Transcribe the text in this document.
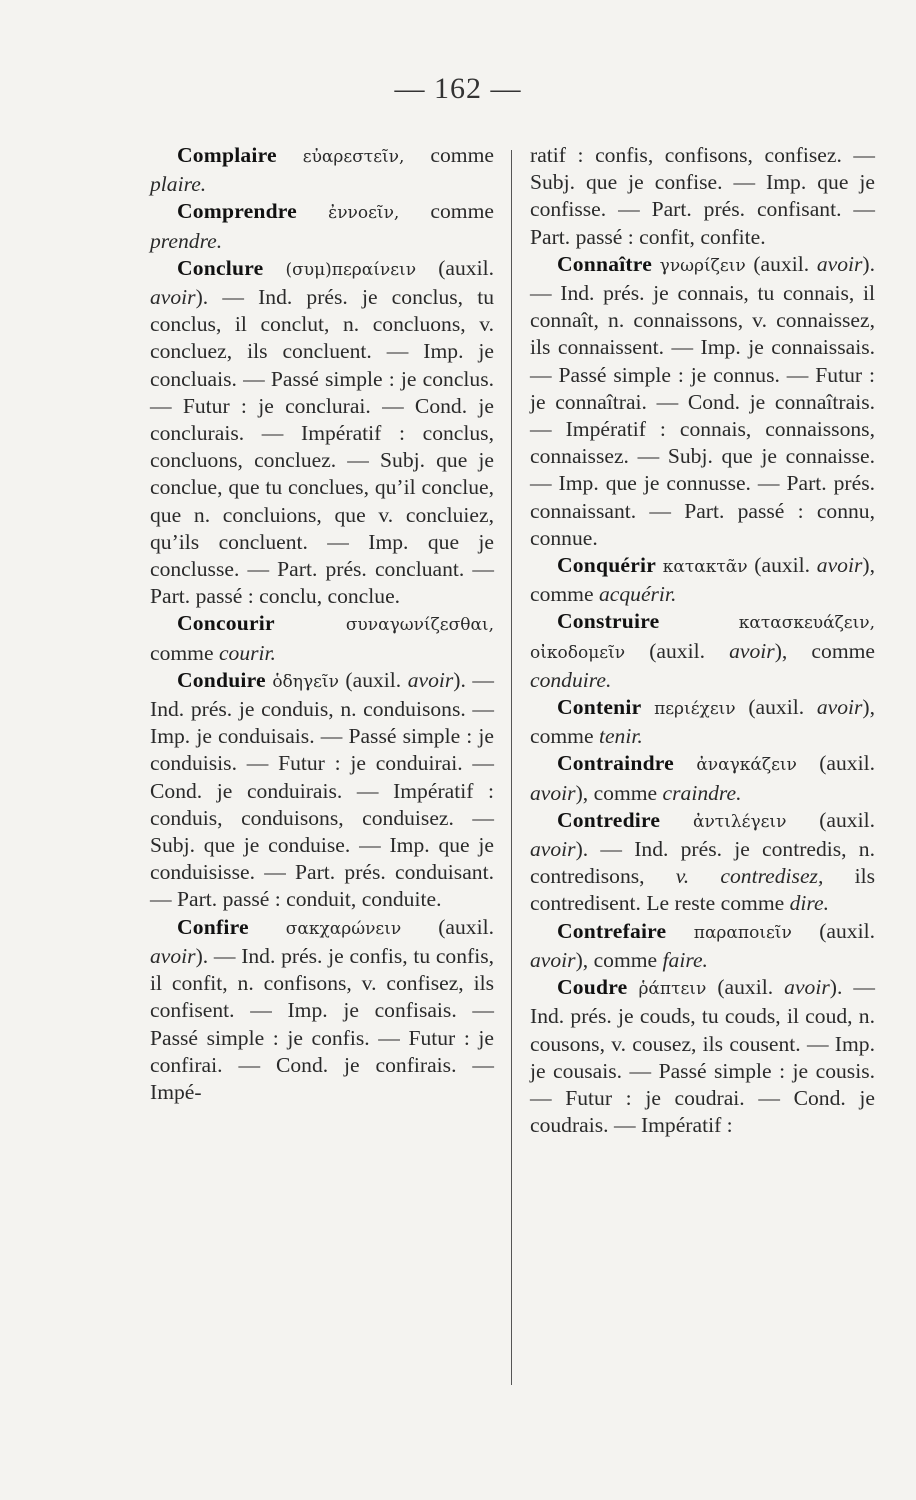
— 162 —

Complaire εὐαρεστεῖν, comme plaire.

Comprendre ἐννοεῖν, comme prendre.

Conclure (συμ)περαίνειν (auxil. avoir). — Ind. prés. je conclus, tu conclus, il conclut, n. concluons, v. concluez, ils concluent. — Imp. je concluais. — Passé simple : je conclus. — Futur : je conclurai. — Cond. je conclurais. — Impératif : conclus, concluons, concluez. — Subj. que je conclue, que tu conclues, qu’il conclue, que n. concluions, que v. concluiez, qu’ils concluent. — Imp. que je conclusse. — Part. prés. concluant. — Part. passé : conclu, conclue.

Concourir	συναγωνίζεσθαι, comme courir.

Conduire ὁδηγεῖν (auxil. avoir). — Ind. prés. je conduis, n. conduisons. — Imp. je conduisais. — Passé simple : je conduisis. — Futur : je conduirai. — Cond. je conduirais. — Impératif : conduis, conduisons, conduisez. — Subj. que je conduise. — Imp. que je conduisisse. — Part. prés. conduisant. — Part. passé : conduit, conduite.

Confire σακχαρώνειν (auxil. avoir). — Ind. prés. je confis, tu confis, il confit, n. confisons, v. confisez, ils confisent. — Imp. je confisais. — Passé simple : je confis. — Futur : je confirai. — Cond. je confirais. — Impé-

ratif : confis, confisons, confisez. — Subj. que je confise. — Imp. que je confisse. — Part. prés. confisant. — Part. passé : confit, confite.

Connaître γνωρίζειν (auxil. avoir). — Ind. prés. je connais, tu connais, il connaît, n. connaissons, v. connaissez, ils connaissent. — Imp. je connaissais. — Passé simple : je connus. — Futur : je connaîtrai. — Cond. je connaîtrais. — Impératif : connais, connaissons, connaissez. — Subj. que je connaisse. — Imp. que je connusse. — Part. prés. connaissant. — Part. passé : connu, connue.

Conquérir κατακτᾶν (auxil. avoir), comme acquérir.

Construire	κατασκευάζειν, οἰκοδομεῖν (auxil. avoir), comme conduire.

Contenir περιέχειν (auxil. avoir), comme tenir.

Contraindre ἀναγκάζειν (auxil. avoir), comme craindre.

Contredire ἀντιλέγειν (auxil. avoir). — Ind. prés. je contredis, n. contredisons, v. contredisez, ils contredisent. Le reste comme dire.

Contrefaire παραποιεῖν (auxil. avoir), comme faire.

Coudre ῥάπτειν (auxil. avoir). — Ind. prés. je couds, tu couds, il coud, n. cousons, v. cousez, ils cousent. — Imp. je cousais. — Passé simple : je cousis. — Futur : je coudrai. — Cond. je coudrais. — Impératif :
